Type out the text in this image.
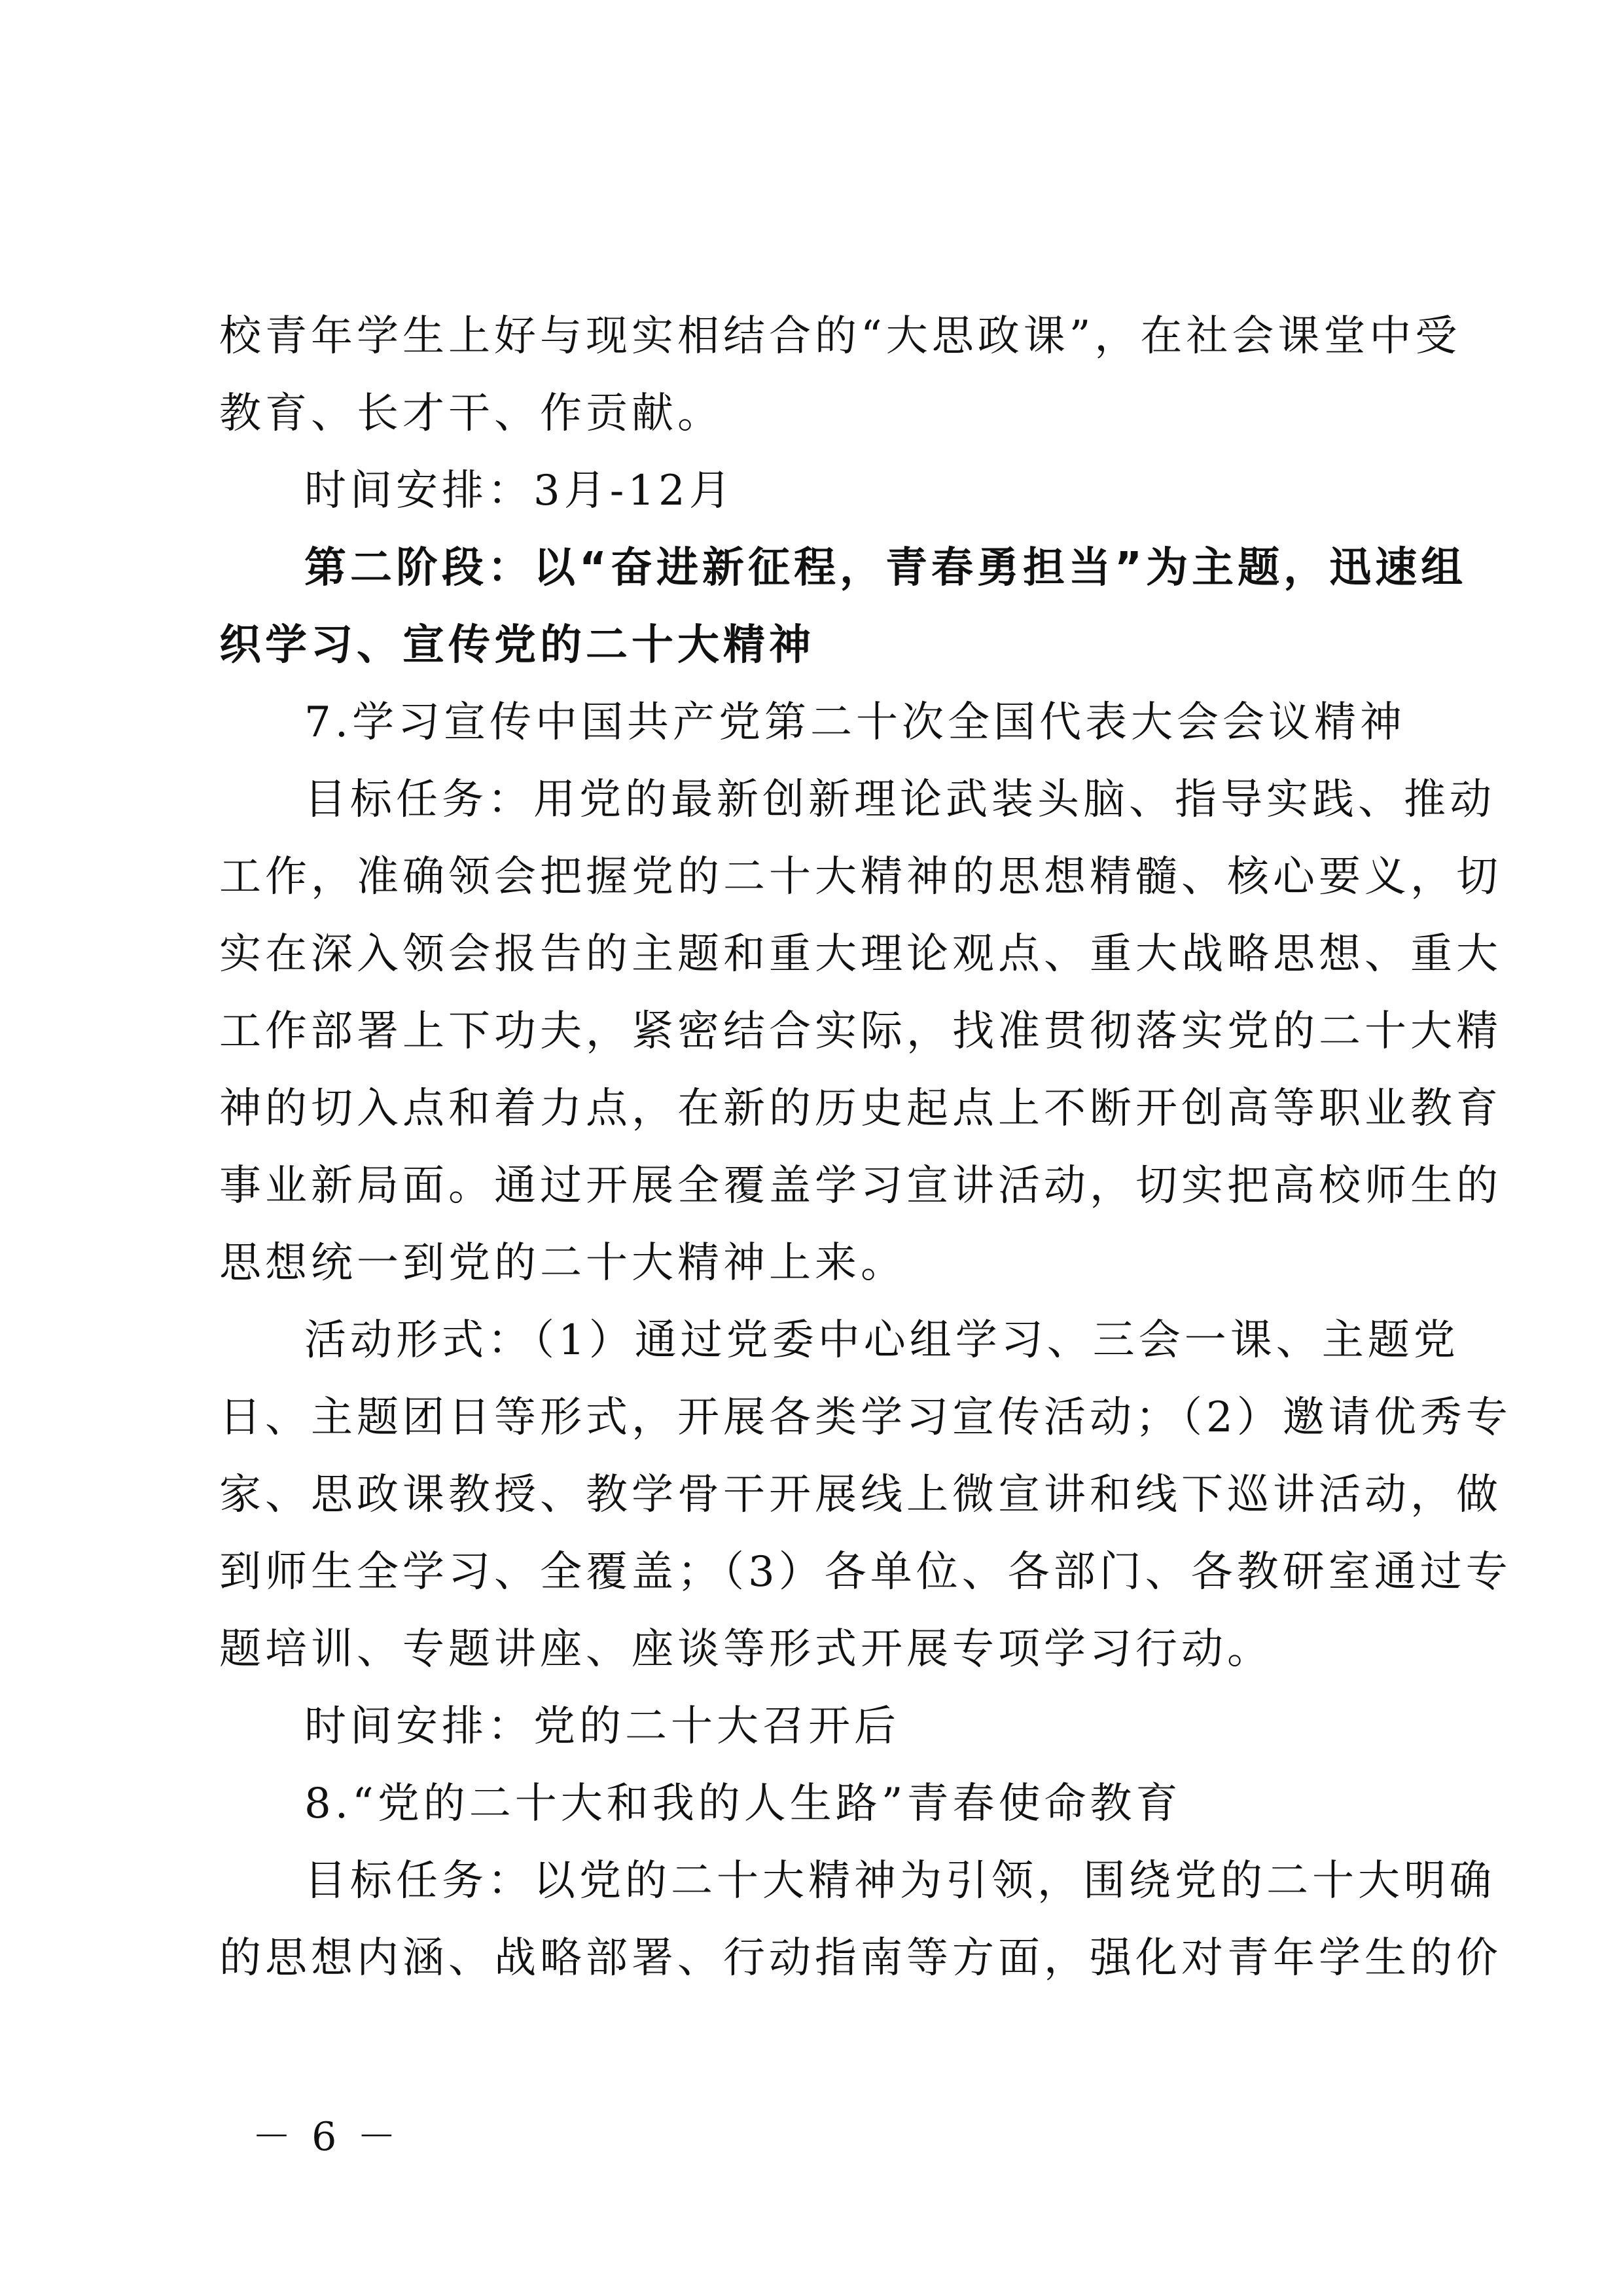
校青年学生上好与现实相结合的“大思政课”，在社会课堂中受
教育、长才干、作贡献。
时间安排：3月-12月
第二阶段：以“奋进新征程，青春勇担当”为主题，迅速组
织学习、宣传党的二十大精神
7.学习宣传中国共产党第二十次全国代表大会会议精神
目标任务：用党的最新创新理论武装头脑、指导实践、推动
工作，准确领会把握党的二十大精神的思想精髓、核心要义，切
实在深入领会报告的主题和重大理论观点、重大战略思想、重大
工作部署上下功夫，紧密结合实际，找准贯彻落实党的二十大精
神的切入点和着力点，在新的历史起点上不断开创高等职业教育
事业新局面。通过开展全覆盖学习宣讲活动，切实把高校师生的
思想统一到党的二十大精神上来。
活动形式：（1）通过党委中心组学习、三会一课、主题党
日、主题团日等形式，开展各类学习宣传活动；（2）邀请优秀专
家、思政课教授、教学骨干开展线上微宣讲和线下巡讲活动，做
到师生全学习、全覆盖；（3）各单位、各部门、各教研室通过专
题培训、专题讲座、座谈等形式开展专项学习行动。
时间安排：党的二十大召开后
8.“党的二十大和我的人生路”青春使命教育
目标任务：以党的二十大精神为引领，围绕党的二十大明确
的思想内涵、战略部署、行动指南等方面，强化对青年学生的价
－ 6 －
